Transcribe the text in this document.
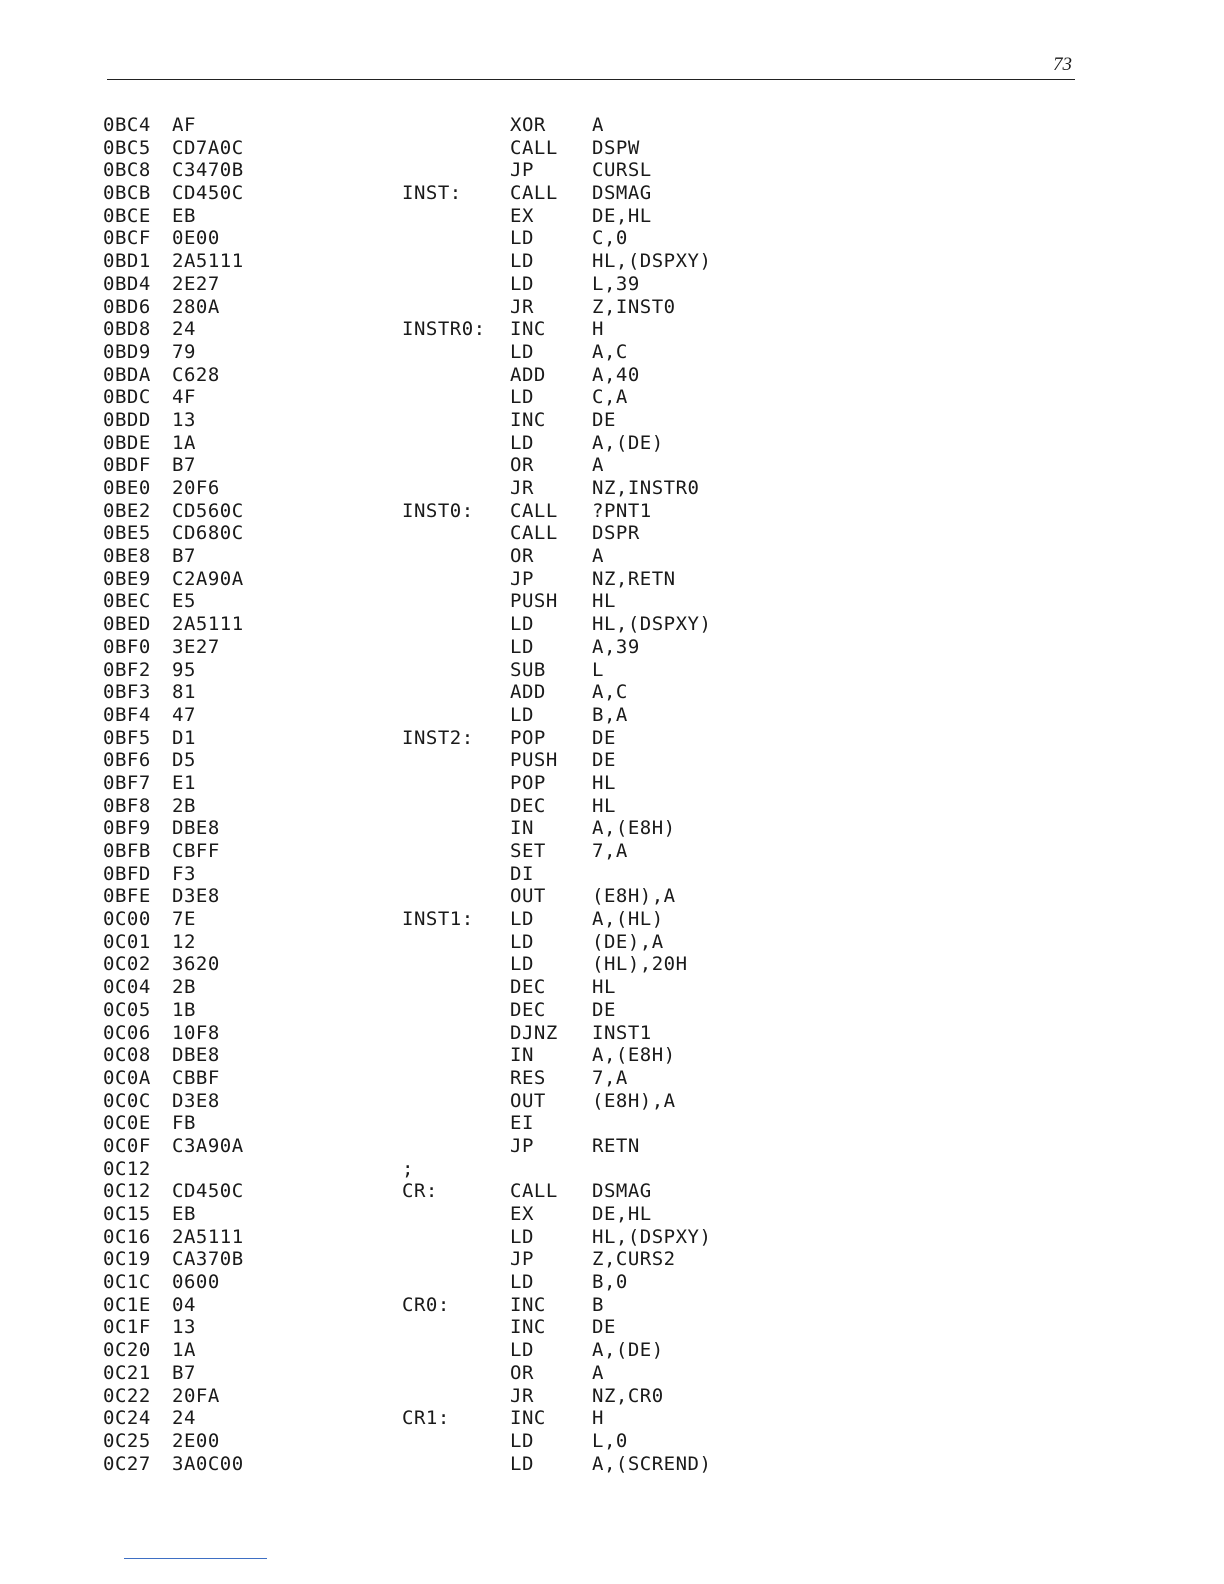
73
0BC4 AF	XOR A
0BC5 CD7A0C	CALL DSPW
0BC8 C3470B	JP	CURSL
0BCB CD450C	INST:	CALL DSMAG
0BCE EB	EX	DE,HL
0BCF 0E00	LD	C,0
0BD1 2A5111	LD	HL,(DSPXY)
0BD4 2E27	LD	L,39
0BD6 280A	JR	Z,INST0
0BD8 24	INSTR0: INC H
0BD9 79	LD	A,C
0BDA C628	ADD A,40
0BDC 4F	LD	C,A
0BDD 13	INC DE
0BDE 1A	LD	A,(DE)
0BDF B7	OR	A
0BE0 20F6	JR	NZ,INSTR0
0BE2 CD560C	INST0: CALL ?PNT1
0BE5 CD680C	CALL DSPR
0BE8 B7	OR	A
0BE9 C2A90A	JP	NZ,RETN
0BEC E5	PUSH HL
0BED 2A5111	LD	HL,(DSPXY)
0BF0 3E27	LD	A,39
0BF2 95	SUB L
0BF3 81	ADD A,C
0BF4 47	LD	B,A
0BF5 D1	INST2: POP DE
0BF6 D5	PUSH DE
0BF7 E1	POP HL
0BF8 2B	DEC HL
0BF9 DBE8	IN	A,(E8H)
0BFB CBFF	SET 7,A
0BFD F3	DI
0BFE D3E8	OUT (E8H),A
0C00 7E	INST1: LD	A,(HL)
0C01 12	LD	(DE),A
0C02 3620	LD	(HL),20H
0C04 2B	DEC HL
0C05 1B	DEC DE
0C06 10F8	DJNZ INST1
0C08 DBE8	IN	A,(E8H)
0C0A CBBF	RES 7,A
0C0C D3E8	OUT (E8H),A
0C0E FB	EI
0C0F C3A90A	JP	RETN
0C12	;
0C12 CD450C	CR:	CALL DSMAG
0C15 EB	EX	DE,HL
0C16 2A5111	LD	HL,(DSPXY)
0C19 CA370B	JP	Z,CURS2
0C1C 0600	LD	B,0
0C1E 04	CR0:	INC B
0C1F 13	INC DE
0C20 1A	LD	A,(DE)
0C21 B7	OR	A
0C22 20FA	JR	NZ,CR0
0C24 24	CR1:	INC H
0C25 2E00	LD	L,0
0C27 3A0C00	LD	A,(SCREND)
